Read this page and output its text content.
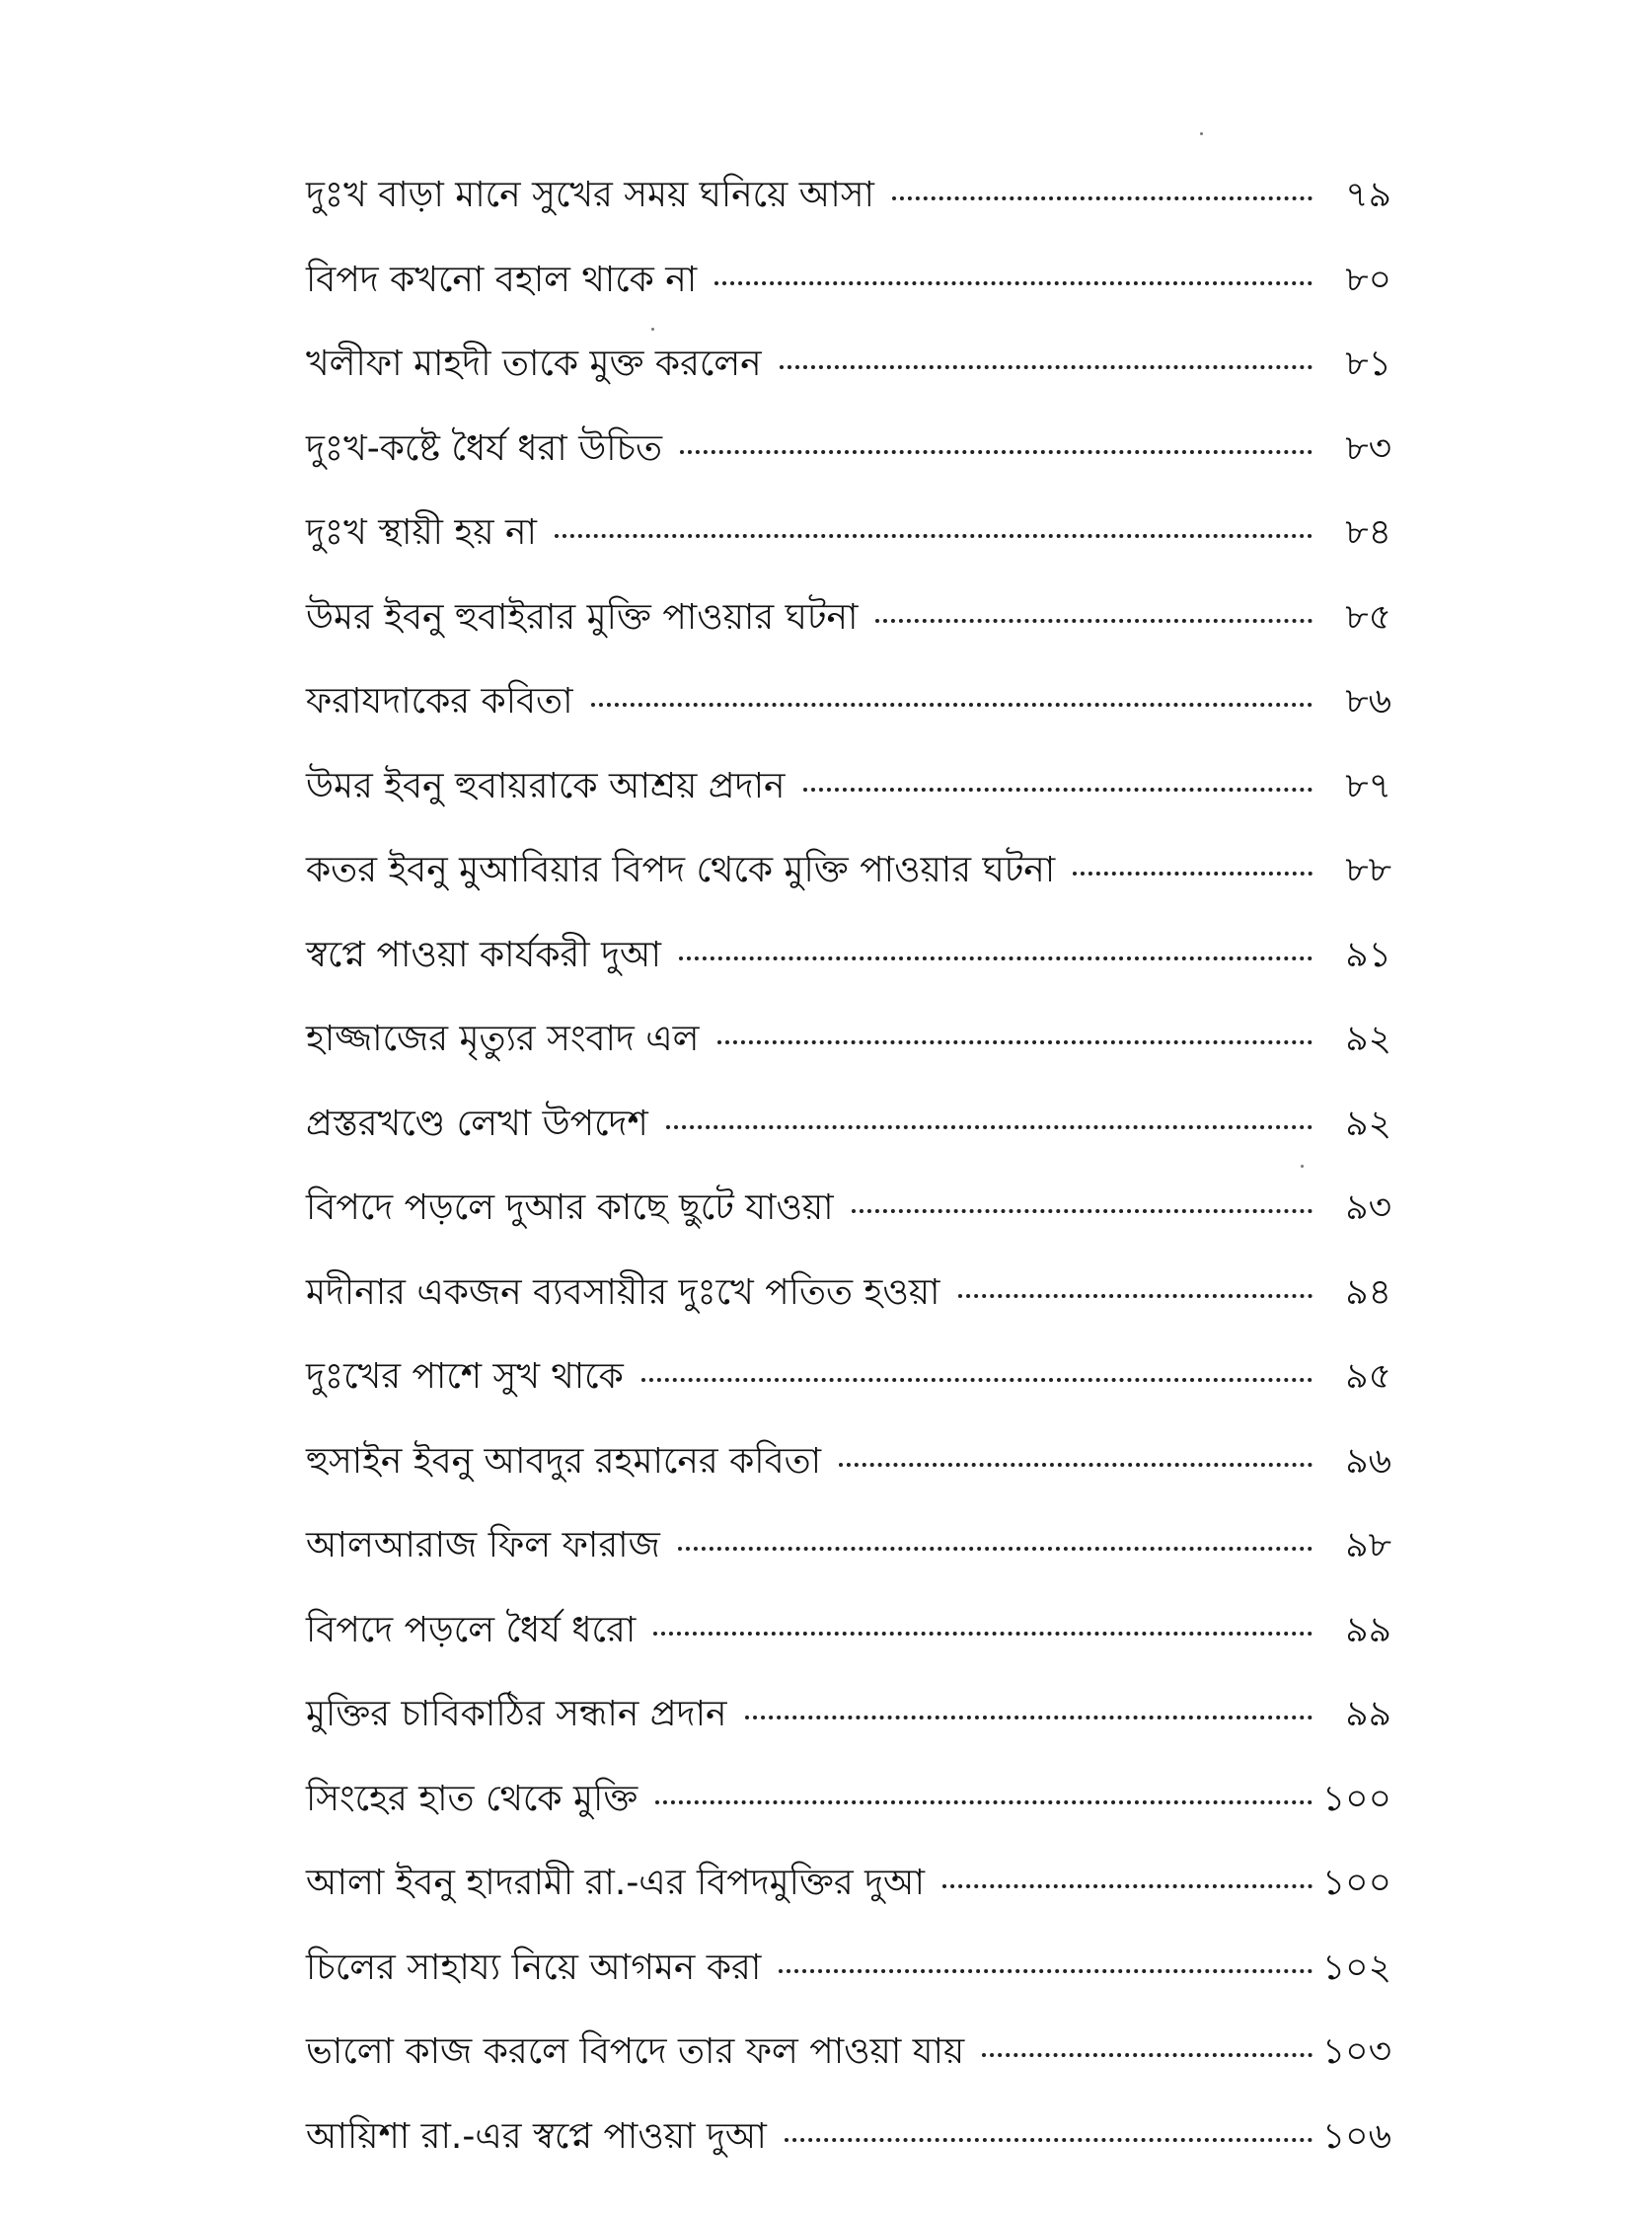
দুঃখ বাড়া মানে সুখের সময় ঘনিয়ে আসা	৭৯
বিপদ কখনো বহাল থাকে না	৮০
খলীফা মাহদী তাকে মুক্ত করলেন	৮১
দুঃখ-কষ্টে ধৈর্য ধরা উচিত	৮৩
দুঃখ স্থায়ী হয় না	৮৪
উমর ইবনু হুবাইরার মুক্তি পাওয়ার ঘটনা	৮৫
ফরাযদাকের কবিতা	৮৬
উমর ইবনু হুবায়রাকে আশ্রয় প্রদান	৮৭
কতর ইবনু মুআবিয়ার বিপদ থেকে মুক্তি পাওয়ার ঘটনা	৮৮
স্বপ্নে পাওয়া কার্যকরী দুআ	৯১
হাজ্জাজের মৃত্যুর সংবাদ এল	৯২
প্রস্তরখণ্ডে লেখা উপদেশ	৯২
বিপদে পড়লে দুআর কাছে ছুটে যাওয়া	৯৩
মদীনার একজন ব্যবসায়ীর দুঃখে পতিত হওয়া	৯৪
দুঃখের পাশে সুখ থাকে	৯৫
হুসাইন ইবনু আবদুর রহমানের কবিতা	৯৬
আলআরাজ ফিল ফারাজ	৯৮
বিপদে পড়লে ধৈর্য ধরো	৯৯
মুক্তির চাবিকাঠির সন্ধান প্রদান	৯৯
সিংহের হাত থেকে মুক্তি	১০০
আলা ইবনু হাদরামী রা.-এর বিপদমুক্তির দুআ	১০০
চিলের সাহায্য নিয়ে আগমন করা	১০২
ভালো কাজ করলে বিপদে তার ফল পাওয়া যায়	১০৩
আয়িশা রা.-এর স্বপ্নে পাওয়া দুআ	১০৬
